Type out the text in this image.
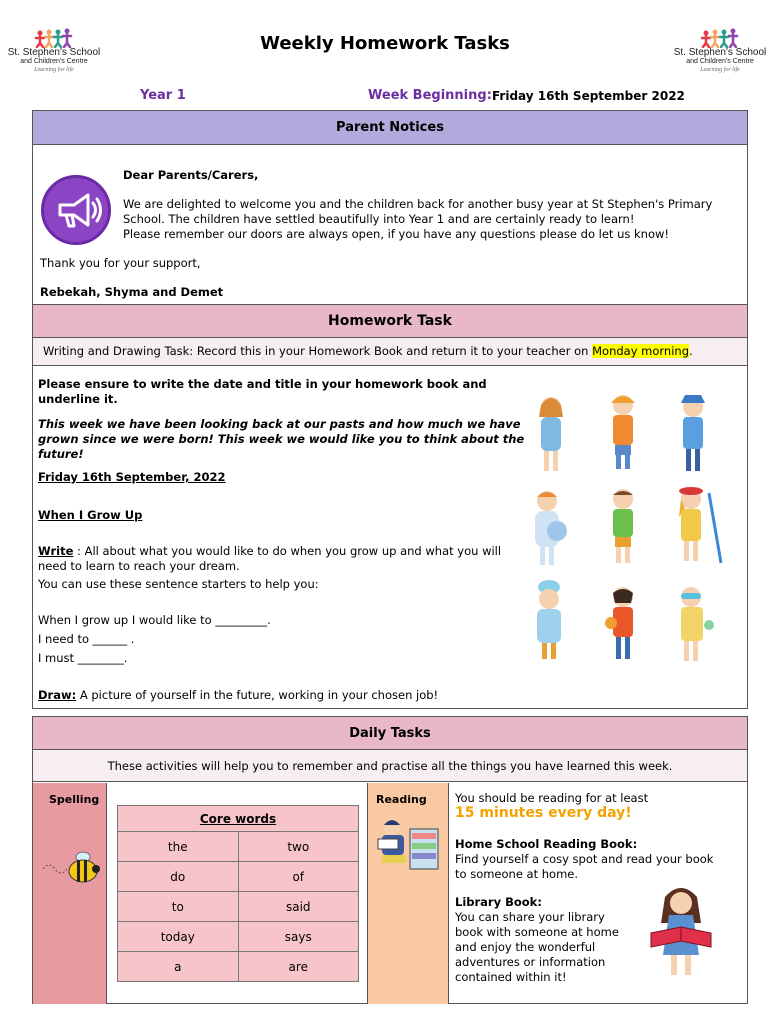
St. Stephen's School
and Children's Centre
Learning for life
St. Stephen's School
and Children's Centre
Learning for life
Weekly Homework Tasks
Year 1	Week Beginning: Friday 16th September 2022
Parent Notices
Dear Parents/Carers,
We are delighted to welcome you and the children back for another busy year at St Stephen's Primary
School. The children have settled beautifully into Year 1 and are certainly ready to learn!
Please remember our doors are always open, if you have any questions please do let us know!
Thank you for your support,
Rebekah, Shyma and Demet
Homework Task
Writing and Drawing Task: Record this in your Homework Book and return it to your teacher on Monday morning.
Please ensure to write the date and title in your homework book and
underline it.
This week we have been looking back at our pasts and how much we have
grown since we were born! This week we would like you to think about the
future!
Friday 16th September, 2022
When I Grow Up
Write : All about what you would like to do when you grow up and what you will
need to learn to reach your dream.
You can use these sentence starters to help you:
When I grow up I would like to _________.
I need to ______ .
I must ________.
Draw: A picture of yourself in the future, working in your chosen job!
Daily Tasks
These activities will help you to remember and practise all the things you have learned this week.
Spelling
Core words	
the	two
do	of
to	said
today	says
a	are
Reading You should be reading for at least
15 minutes every day!
Home School Reading Book:
Find yourself a cosy spot and read your book
to someone at home.
Library Book:
You can share your library
book with someone at home
and enjoy the wonderful
adventures or information
contained within it!
